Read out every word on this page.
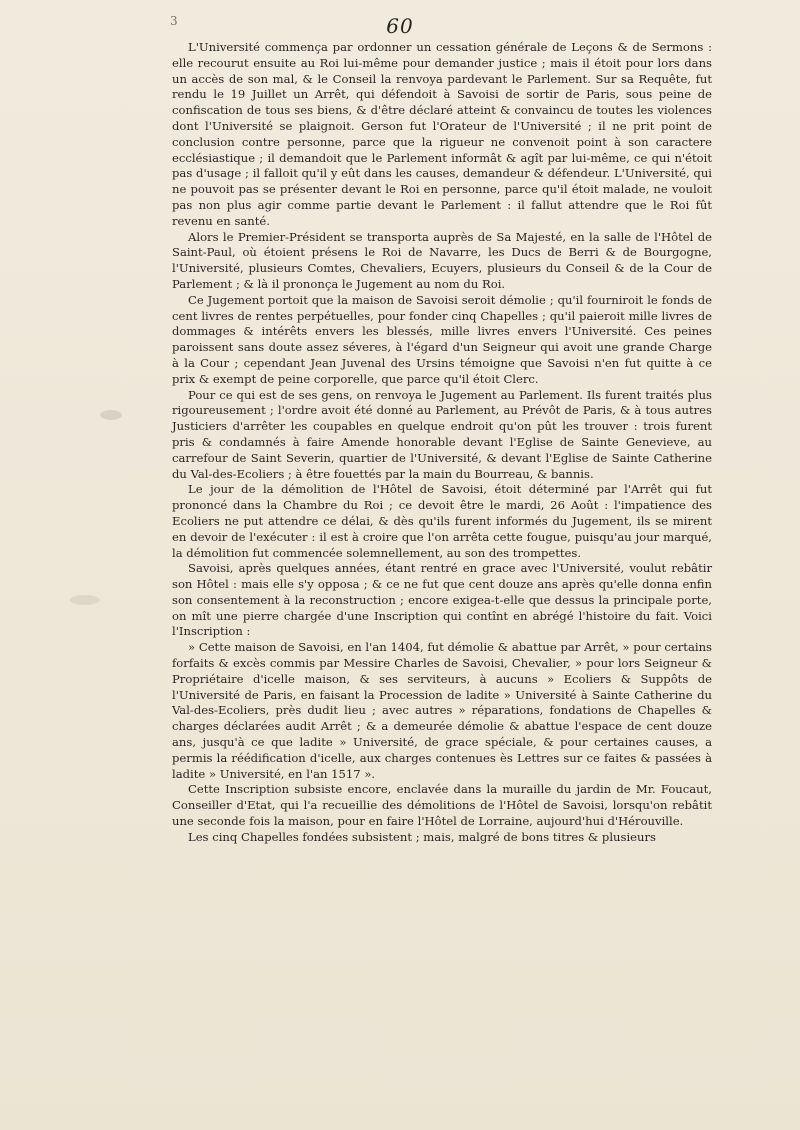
3	60

L'Université commença par ordonner un cessation générale de Leçons & de Sermons : elle recourut ensuite au Roi lui-même pour demander justice ; mais il étoit pour lors dans un accès de son mal, & le Conseil la renvoya pardevant le Parlement. Sur sa Requête, fut rendu le 19 Juillet un Arrêt, qui défendoit à Savoisi de sortir de Paris, sous peine de confiscation de tous ses biens, & d'être déclaré atteint & convaincu de toutes les violences dont l'Université se plaignoit. Gerson fut l'Orateur de l'Université ; il ne prit point de conclusion contre personne, parce que la rigueur ne convenoit point à son caractere ecclésiastique ; il demandoit que le Parlement informât & agît par lui-même, ce qui n'étoit pas d'usage ; il falloit qu'il y eût dans les causes, demandeur & défendeur. L'Université, qui ne pouvoit pas se présenter devant le Roi en personne, parce qu'il étoit malade, ne vouloit pas non plus agir comme partie devant le Parlement : il fallut attendre que le Roi fût revenu en santé.

Alors le Premier-Président se transporta auprès de Sa Majesté, en la salle de l'Hôtel de Saint-Paul, où étoient présens le Roi de Navarre, les Ducs de Berri & de Bourgogne, l'Université, plusieurs Comtes, Chevaliers, Ecuyers, plusieurs du Conseil & de la Cour de Parlement ; & là il prononça le Jugement au nom du Roi.

Ce Jugement portoit que la maison de Savoisi seroit démolie ; qu'il fourniroit le fonds de cent livres de rentes perpétuelles, pour fonder cinq Chapelles ; qu'il paieroit mille livres de dommages & intérêts envers les blessés, mille livres envers l'Université. Ces peines paroissent sans doute assez séveres, à l'égard d'un Seigneur qui avoit une grande Charge à la Cour ; cependant Jean Juvenal des Ursins témoigne que Savoisi n'en fut quitte à ce prix & exempt de peine corporelle, que parce qu'il étoit Clerc.

Pour ce qui est de ses gens, on renvoya le Jugement au Parlement. Ils furent traités plus rigoureusement ; l'ordre avoit été donné au Parlement, au Prévôt de Paris, & à tous autres Justiciers d'arrêter les coupables en quelque endroit qu'on pût les trouver : trois furent pris & condamnés à faire Amende honorable devant l'Eglise de Sainte Genevieve, au carrefour de Saint Severin, quartier de l'Université, & devant l'Eglise de Sainte Catherine du Val-des-Ecoliers ; à être fouettés par la main du Bourreau, & bannis.

Le jour de la démolition de l'Hôtel de Savoisi, étoit déterminé par l'Arrêt qui fut prononcé dans la Chambre du Roi ; ce devoit être le mardi, 26 Août : l'impatience des Ecoliers ne put attendre ce délai, & dès qu'ils furent informés du Jugement, ils se mirent en devoir de l'exécuter : il est à croire que l'on arrêta cette fougue, puisqu'au jour marqué, la démolition fut commencée solemnellement, au son des trompettes.

Savoisi, après quelques années, étant rentré en grace avec l'Université, voulut rebâtir son Hôtel : mais elle s'y opposa ; & ce ne fut que cent douze ans après qu'elle donna enfin son consentement à la reconstruction ; encore exigea-t-elle que dessus la principale porte, on mît une pierre chargée d'une Inscription qui contînt en abrégé l'histoire du fait. Voici l'Inscription :

» Cette maison de Savoisi, en l'an 1404, fut démolie & abattue par Arrêt, » pour certains forfaits & excès commis par Messire Charles de Savoisi, Chevalier, » pour lors Seigneur & Propriétaire d'icelle maison, & ses serviteurs, à aucuns » Ecoliers & Suppôts de l'Université de Paris, en faisant la Procession de ladite » Université à Sainte Catherine du Val-des-Ecoliers, près dudit lieu ; avec autres » réparations, fondations de Chapelles & charges déclarées audit Arrêt ; & a demeurée démolie & abattue l'espace de cent douze ans, jusqu'à ce que ladite » Université, de grace spéciale, & pour certaines causes, a permis la réédification d'icelle, aux charges contenues ès Lettres sur ce faites & passées à ladite » Université, en l'an 1517 ».

Cette Inscription subsiste encore, enclavée dans la muraille du jardin de Mr. Foucaut, Conseiller d'Etat, qui l'a recueillie des démolitions de l'Hôtel de Savoisi, lorsqu'on rebâtit une seconde fois la maison, pour en faire l'Hôtel de Lorraine, aujourd'hui d'Hérouville.

Les cinq Chapelles fondées subsistent ; mais, malgré de bons titres & plusieurs
